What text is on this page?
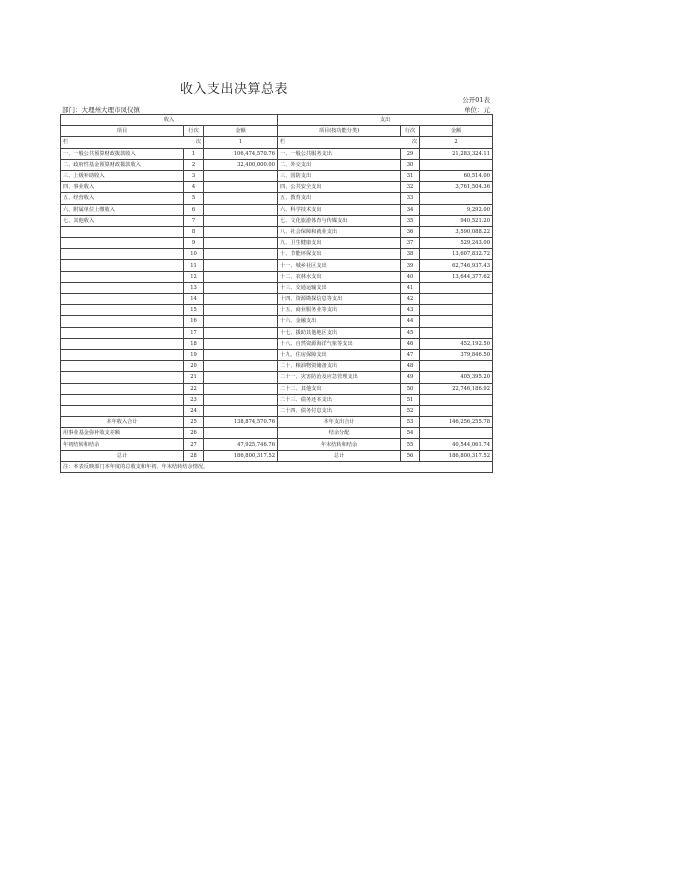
收入支出决算总表
公开01表
部门：大理州大理市凤仪镇	单位：元
收入			支出		
项目	行次	金额	项目(按功能分类)	行次	金额

栏 次		1	栏 次		2
一、一般公共预算财政拨款收入	1	106,474,570.76	一、一般公共服务支出	29	21,283,324.11
二、政府性基金预算财政拨款收入	2	32,400,000.00	二、外交支出	30	
三、上级补助收入	3		三、国防支出	31	60,514.00
四、事业收入	4		四、公共安全支出	32	3,761,504.36
五、经营收入	5		五、教育支出	33	
六、附属单位上缴收入	6		六、科学技术支出	34	9,292.00
七、其他收入	7		七、文化旅游体育与传媒支出	35	940,521.20
	8		八、社会保障和就业支出	36	3,590,088.22
	9		九、卫生健康支出	37	529,243.00
	10		十、节能环保支出	38	13,607,832.72
	11		十一、城乡社区支出	39	62,746,937.43
	12		十二、农林水支出	40	13,644,377.62
	13		十三、交通运输支出	41	
	14		十四、资源勘探信息等支出	42	
	15		十五、商业服务业等支出	43	
	16		十六、金融支出	44	
	17		十七、援助其他地区支出	45	
	18		十八、自然资源海洋气象等支出	46	452,192.50
	19		十九、住房保障支出	47	379,846.50
	20		二十、粮油物资储备支出	48	
	21		二十一、灾害防治及应急管理支出	49	405,395.20
	22		二十二、其他支出	50	22,746,186.92
	23		二十三、债务还本支出	51	
	24		二十四、债务付息支出	52	
本年收入合计	25	138,874,570.76	本年支出合计	53	146,256,255.78
用事业基金弥补收支差额	26		结余分配	54	
年初结转和结余	27	47,925,746.76	年末结转和结余	55	40,544,061.74
总计	28	186,800,317.52	总计	56	186,800,317.52
注：本表反映部门本年度的总收支和年初、年末结转结余情况。					
